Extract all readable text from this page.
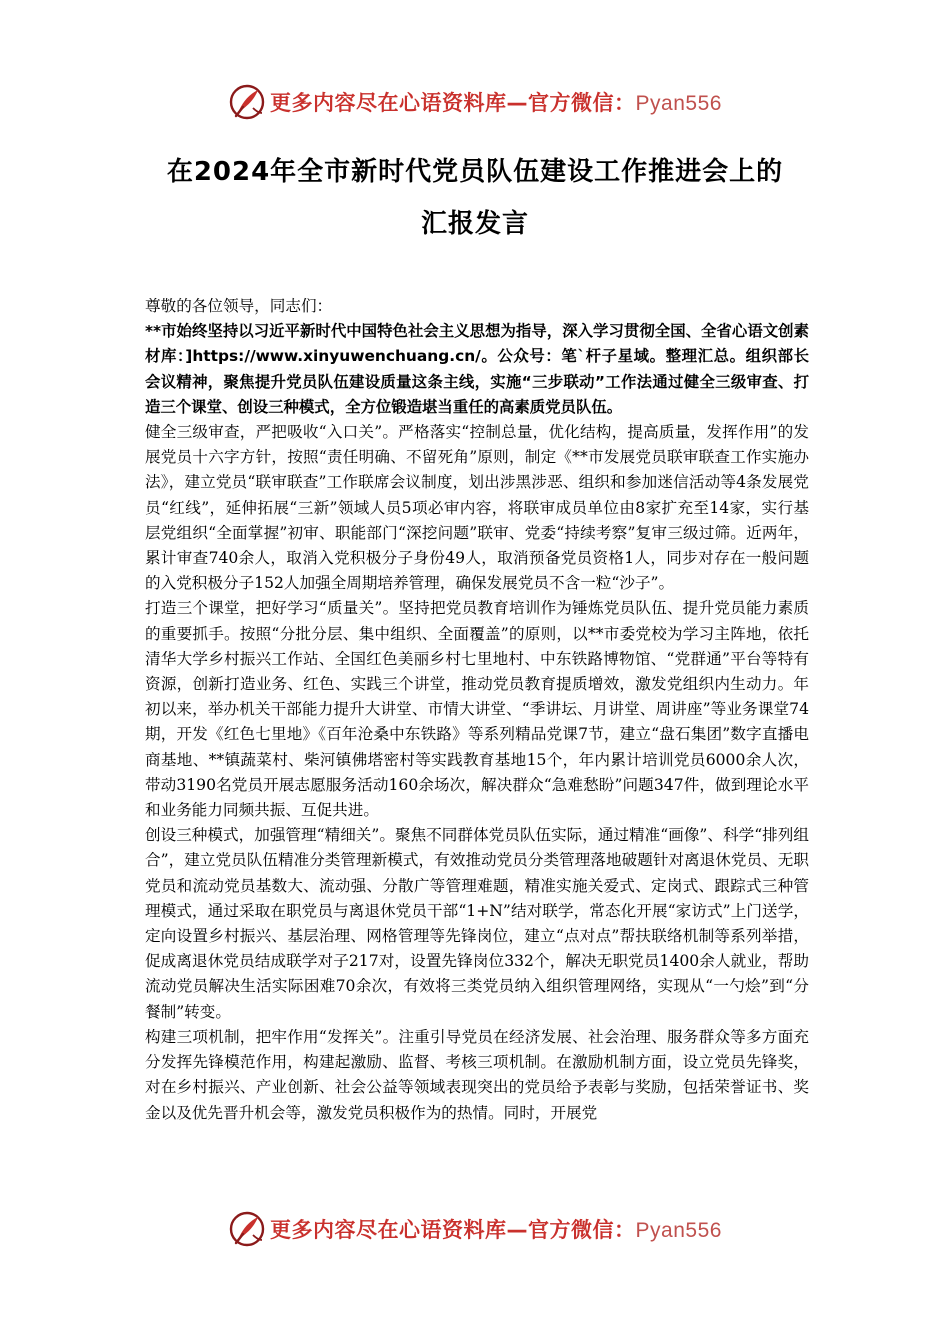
更多内容尽在心语资料库—官方微信：Pyan556
在2024年全市新时代党员队伍建设工作推进会上的
汇报发言

尊敬的各位领导，同志们：

**市始终坚持以习近平新时代中国特色社会主义思想为指导，深入学习贯彻全国、全省心语文创素材库：]https://www.xinyuwenchuang.cn/。公众号：笔`杆子星域。整理汇总。组织部长会议精神，聚焦提升党员队伍建设质量这条主线，实施“三步联动”工作法通过健全三级审查、打造三个课堂、创设三种模式，全方位锻造堪当重任的高素质党员队伍。

健全三级审查，严把吸收“入口关”。严格落实“控制总量，优化结构，提高质量，发挥作用”的发展党员十六字方针，按照“责任明确、不留死角”原则，制定《**市发展党员联审联查工作实施办法》，建立党员“联审联查”工作联席会议制度，划出涉黑涉恶、组织和参加迷信活动等4条发展党员“红线”，延伸拓展“三新”领域人员5项必审内容，将联审成员单位由8家扩充至14家，实行基层党组织“全面掌握”初审、职能部门“深挖问题”联审、党委“持续考察”复审三级过筛。近两年，累计审查740余人，取消入党积极分子身份49人，取消预备党员资格1人，同步对存在一般问题的入党积极分子152人加强全周期培养管理，确保发展党员不含一粒“沙子”。

打造三个课堂，把好学习“质量关”。坚持把党员教育培训作为锤炼党员队伍、提升党员能力素质的重要抓手。按照“分批分层、集中组织、全面覆盖”的原则，以**市委党校为学习主阵地，依托清华大学乡村振兴工作站、全国红色美丽乡村七里地村、中东铁路博物馆、“党群通”平台等特有资源，创新打造业务、红色、实践三个讲堂，推动党员教育提质增效，激发党组织内生动力。年初以来，举办机关干部能力提升大讲堂、市情大讲堂、“季讲坛、月讲堂、周讲座”等业务课堂74期，开发《红色七里地》《百年沧桑中东铁路》等系列精品党课7节，建立“盘石集团”数字直播电商基地、**镇蔬菜村、柴河镇佛塔密村等实践教育基地15个，年内累计培训党员6000余人次，带动3190名党员开展志愿服务活动160余场次，解决群众“急难愁盼”问题347件，做到理论水平和业务能力同频共振、互促共进。

创设三种模式，加强管理“精细关”。聚焦不同群体党员队伍实际，通过精准“画像”、科学“排列组合”，建立党员队伍精准分类管理新模式，有效推动党员分类管理落地破题针对离退休党员、无职党员和流动党员基数大、流动强、分散广等管理难题，精准实施关爱式、定岗式、跟踪式三种管理模式，通过采取在职党员与离退休党员干部“1+N”结对联学，常态化开展“家访式”上门送学，定向设置乡村振兴、基层治理、网格管理等先锋岗位，建立“点对点”帮扶联络机制等系列举措，促成离退休党员结成联学对子217对，设置先锋岗位332个，解决无职党员1400余人就业，帮助流动党员解决生活实际困难70余次，有效将三类党员纳入组织管理网络，实现从“一勺烩”到“分餐制”转变。

构建三项机制，把牢作用“发挥关”。注重引导党员在经济发展、社会治理、服务群众等多方面充分发挥先锋模范作用，构建起激励、监督、考核三项机制。在激励机制方面，设立党员先锋奖，对在乡村振兴、产业创新、社会公益等领域表现突出的党员给予表彰与奖励，包括荣誉证书、奖金以及优先晋升机会等，激发党员积极作为的热情。同时，开展党

更多内容尽在心语资料库—官方微信：Pyan556
